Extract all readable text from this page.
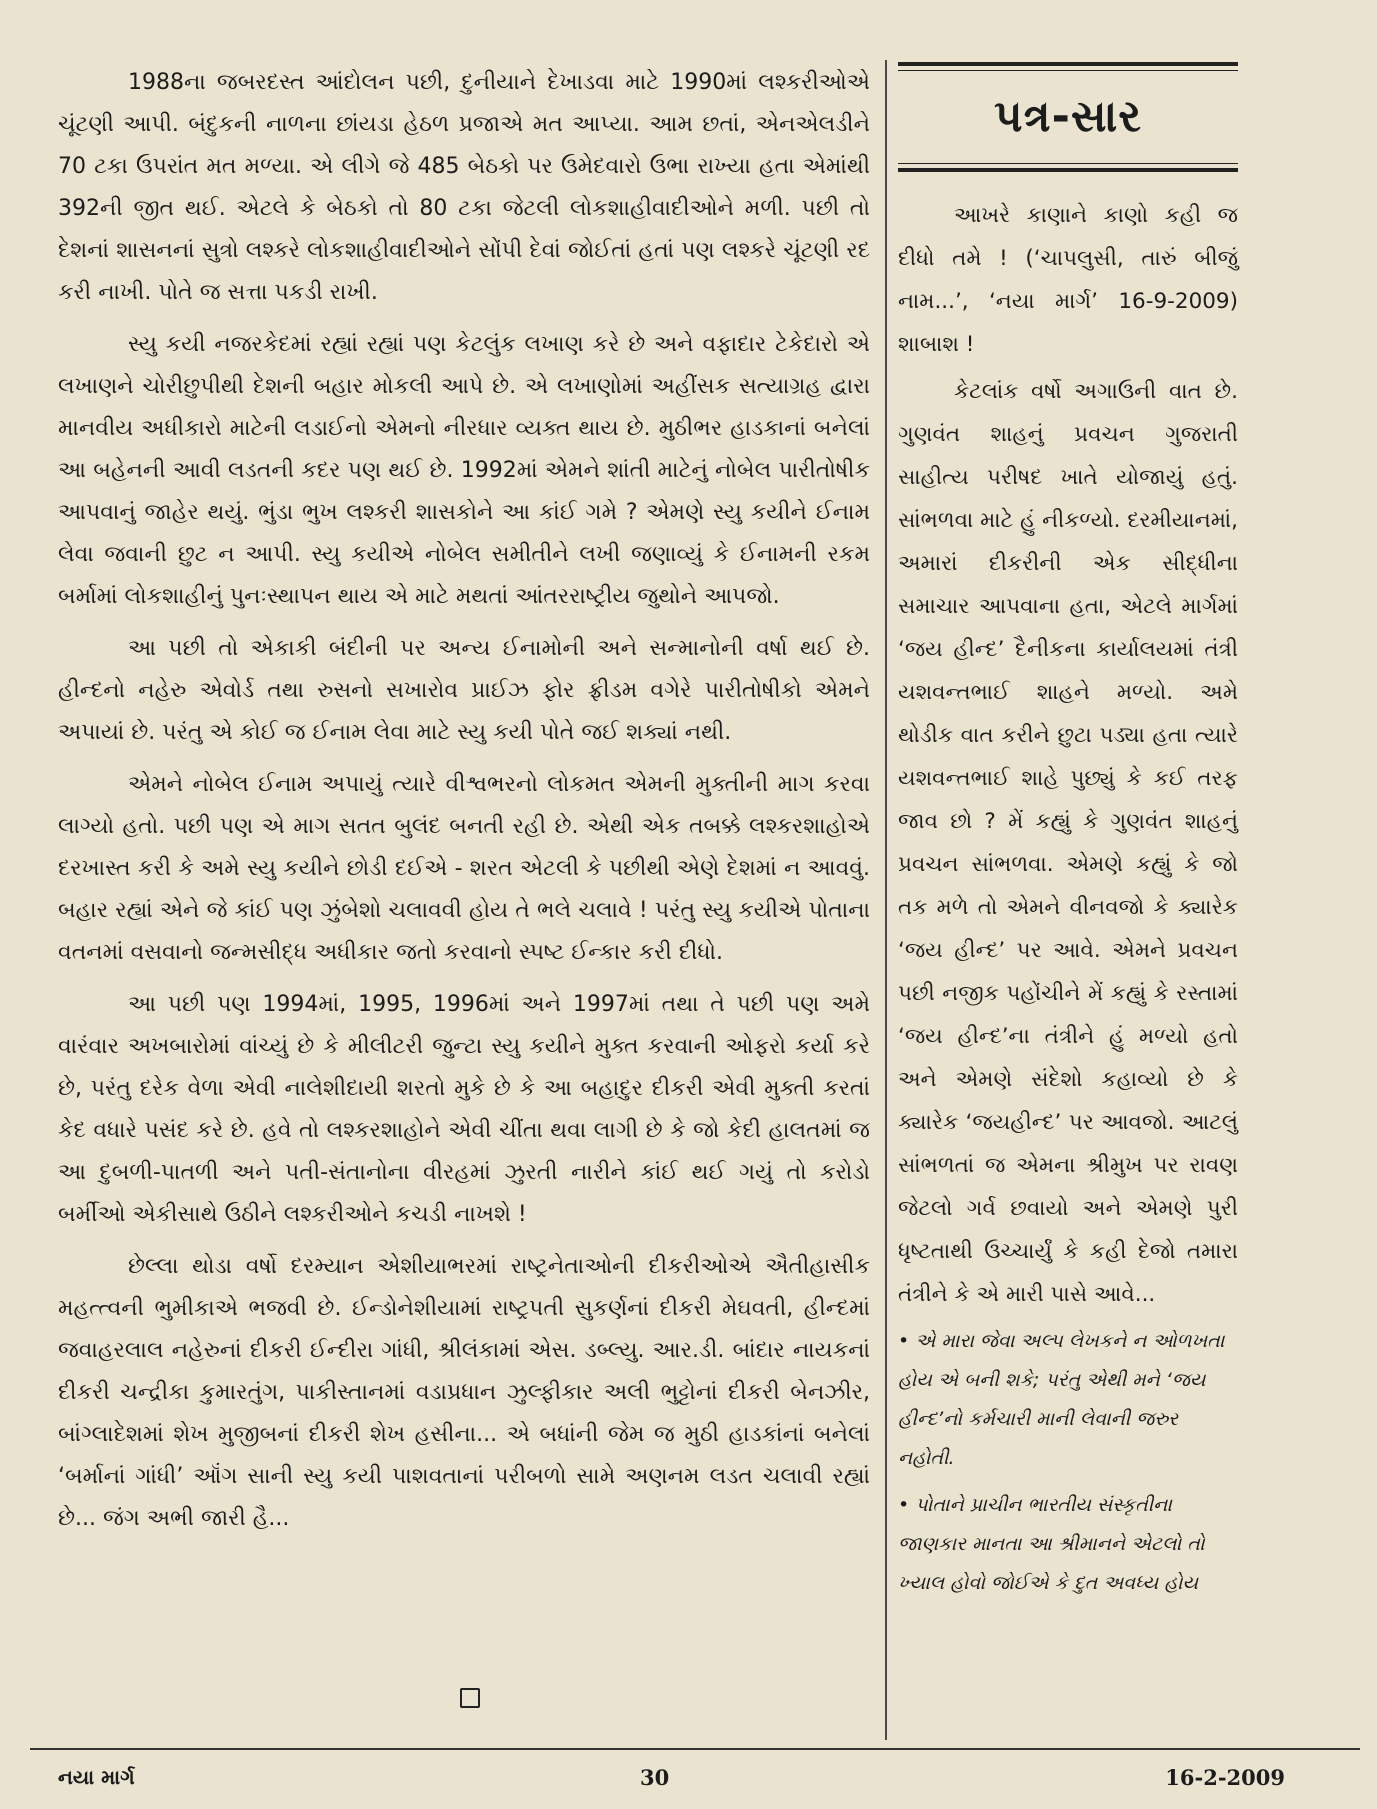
1988ના જબરદસ્ત આંદોલન પછી, દુનીયાને દેખાડવા માટે 1990માં લશ્કરીઓએ ચૂંટણી આપી. બંદુકની નાળના છાંયડા હેઠળ પ્રજાએ મત આપ્યા. આમ છતાં, એનએલડીને 70 ટકા ઉપરાંત મત મળ્યા. એ લીગે જે 485 બેઠકો પર ઉમેદવારો ઉભા રાખ્યા હતા એમાંથી 392ની જીત થઈ. એટલે કે બેઠકો તો 80 ટકા જેટલી લોકશાહીવાદીઓને મળી. પછી તો દેશનાં શાસનનાં સુત્રો લશ્કરે લોકશાહીવાદીઓને સોંપી દેવાં જોઈતાં હતાં પણ લશ્કરે ચૂંટણી રદ કરી નાખી. પોતે જ સત્તા પકડી રાખી.

સ્યુ કયી નજરકેદમાં રહ્યાં રહ્યાં પણ કેટલુંક લખાણ કરે છે અને વફાદાર ટેકેદારો એ લખાણને ચોરીછુપીથી દેશની બહાર મોકલી આપે છે. એ લખાણોમાં અહીંસક સત્યાગ્રહ દ્વારા માનવીય અધીકારો માટેની લડાઈનો એમનો નીરધાર વ્યક્ત થાય છે. મુઠીભર હાડકાનાં બનેલાં આ બહેનની આવી લડતની કદર પણ થઈ છે. 1992માં એમને શાંતી માટેનું નોબેલ પારીતોષીક આપવાનું જાહેર થયું. ભુંડા ભુખ લશ્કરી શાસકોને આ કાંઈ ગમે ? એમણે સ્યુ કયીને ઈનામ લેવા જવાની છુટ ન આપી. સ્યુ કયીએ નોબેલ સમીતીને લખી જણાવ્યું કે ઈનામની રકમ બર્મામાં લોકશાહીનું પુનઃસ્થાપન થાય એ માટે મથતાં આંતરરાષ્ટ્રીય જુથોને આપજો.

આ પછી તો એકાકી બંદીની પર અન્ય ઈનામોની અને સન્માનોની વર્ષા થઈ છે. હીન્દનો નહેરુ એવોર્ડ તથા રુસનો સખારોવ પ્રાઈઝ ફોર ફ્રીડમ વગેરે પારીતોષીકો એમને અપાયાં છે. પરંતુ એ કોઈ જ ઈનામ લેવા માટે સ્યુ કયી પોતે જઈ શક્યાં નથી.

એમને નોબેલ ઈનામ અપાયું ત્યારે વીશ્વભરનો લોકમત એમની મુક્તીની માગ કરવા લાગ્યો હતો. પછી પણ એ માગ સતત બુલંદ બનતી રહી છે. એથી એક તબક્કે લશ્કરશાહોએ દરખાસ્ત કરી કે અમે સ્યુ કયીને છોડી દઈએ - શરત એટલી કે પછીથી એણે દેશમાં ન આવવું. બહાર રહ્યાં એને જે કાંઈ પણ ઝુંબેશો ચલાવવી હોય તે ભલે ચલાવે ! પરંતુ સ્યુ કયીએ પોતાના વતનમાં વસવાનો જન્મસીદ્ધ અધીકાર જતો કરવાનો સ્પષ્ટ ઈન્કાર કરી દીધો.

આ પછી પણ 1994માં, 1995, 1996માં અને 1997માં તથા તે પછી પણ અમે વારંવાર અખબારોમાં વાંચ્યું છે કે મીલીટરી જુન્ટા સ્યુ કયીને મુક્ત કરવાની ઓફરો કર્યા કરે છે, પરંતુ દરેક વેળા એવી નાલેશીદાયી શરતો મુકે છે કે આ બહાદુર દીકરી એવી મુક્તી કરતાં કેદ વધારે પસંદ કરે છે. હવે તો લશ્કરશાહોને એવી ચીંતા થવા લાગી છે કે જો કેદી હાલતમાં જ આ દુબળી-પાતળી અને પતી-સંતાનોના વીરહમાં ઝુરતી નારીને કાંઈ થઈ ગયું તો કરોડો બર્મીઓ એકીસાથે ઉઠીને લશ્કરીઓને કચડી નાખશે !

છેલ્લા થોડા વર્ષો દરમ્યાન એશીયાભરમાં રાષ્ટ્રનેતાઓની દીકરીઓએ ઐતીહાસીક મહત્ત્વની ભુમીકાએ ભજવી છે. ઈન્ડોનેશીયામાં રાષ્ટ્રપતી સુકર્ણનાં દીકરી મેઘવતી, હીન્દમાં જવાહરલાલ નહેરુનાં દીકરી ઈન્દીરા ગાંધી, શ્રીલંકામાં એસ. ડબ્લ્યુ. આર.ડી. બાંદાર નાયકનાં દીકરી ચન્દ્રીકા કુમારતુંગ, પાકીસ્તાનમાં વડાપ્રધાન ઝુલ્ફીકાર અલી ભુટ્ટોનાં દીકરી બેનઝીર, બાંગ્લાદેશમાં શેખ મુજીબનાં દીકરી શેખ હસીના... એ બધાંની જેમ જ મુઠી હાડકાંનાં બનેલાં ‘બર્માનાં ગાંધી’ ઑંગ સાની સ્યુ કયી પાશવતાનાં પરીબળો સામે અણનમ લડત ચલાવી રહ્યાં છે... જંગ અભી જારી હૈ...

પત્ર-સાર

આખરે કાણાને કાણો કહી જ દીધો તમે ! (‘ચાપલુસી, તારું બીજું નામ...’, ‘નયા માર્ગ’ 16-9-2009) શાબાશ !

કેટલાંક વર્ષો અગાઉની વાત છે. ગુણવંત શાહનું પ્રવચન ગુજરાતી સાહીત્ય પરીષદ ખાતે યોજાયું હતું. સાંભળવા માટે હું નીકળ્યો. દરમીયાનમાં, અમારાં દીકરીની એક સીદ્ધીના સમાચાર આપવાના હતા, એટલે માર્ગમાં ‘જય હીન્દ’ દૈનીકના કાર્યાલયમાં તંત્રી યશવન્તભાઈ શાહને મળ્યો. અમે થોડીક વાત કરીને છુટા પડ્યા હતા ત્યારે યશવન્તભાઈ શાહે પુછ્યું કે કઈ તરફ જાવ છો ? મેં કહ્યું કે ગુણવંત શાહનું પ્રવચન સાંભળવા. એમણે કહ્યું કે જો તક મળે તો એમને વીનવજો કે ક્યારેક ‘જય હીન્દ’ પર આવે. એમને પ્રવચન પછી નજીક પહોંચીને મેં કહ્યું કે રસ્તામાં ‘જય હીન્દ’ના તંત્રીને હું મળ્યો હતો અને એમણે સંદેશો કહાવ્યો છે કે ક્યારેક ‘જયહીન્દ’ પર આવજો. આટલું સાંભળતાં જ એમના શ્રીમુખ પર રાવણ જેટલો ગર્વ છવાયો અને એમણે પુરી ધૃષ્ટતાથી ઉચ્ચાર્યું કે કહી દેજો તમારા તંત્રીને કે એ મારી પાસે આવે...

• એ મારા જેવા અલ્પ લેખકને ન ઓળખતા હોય એ બની શકે; પરંતુ એથી મને ‘જય હીન્દ’નો કર્મચારી માની લેવાની જરુર નહોતી.
• પોતાને પ્રાચીન ભારતીય સંસ્કૃતીના જાણકાર માનતા આ શ્રીમાનને એટલો તો ખ્યાલ હોવો જોઈએ કે દુત અવધ્ય હોય
નયા માર્ગ	30	16-2-2009
